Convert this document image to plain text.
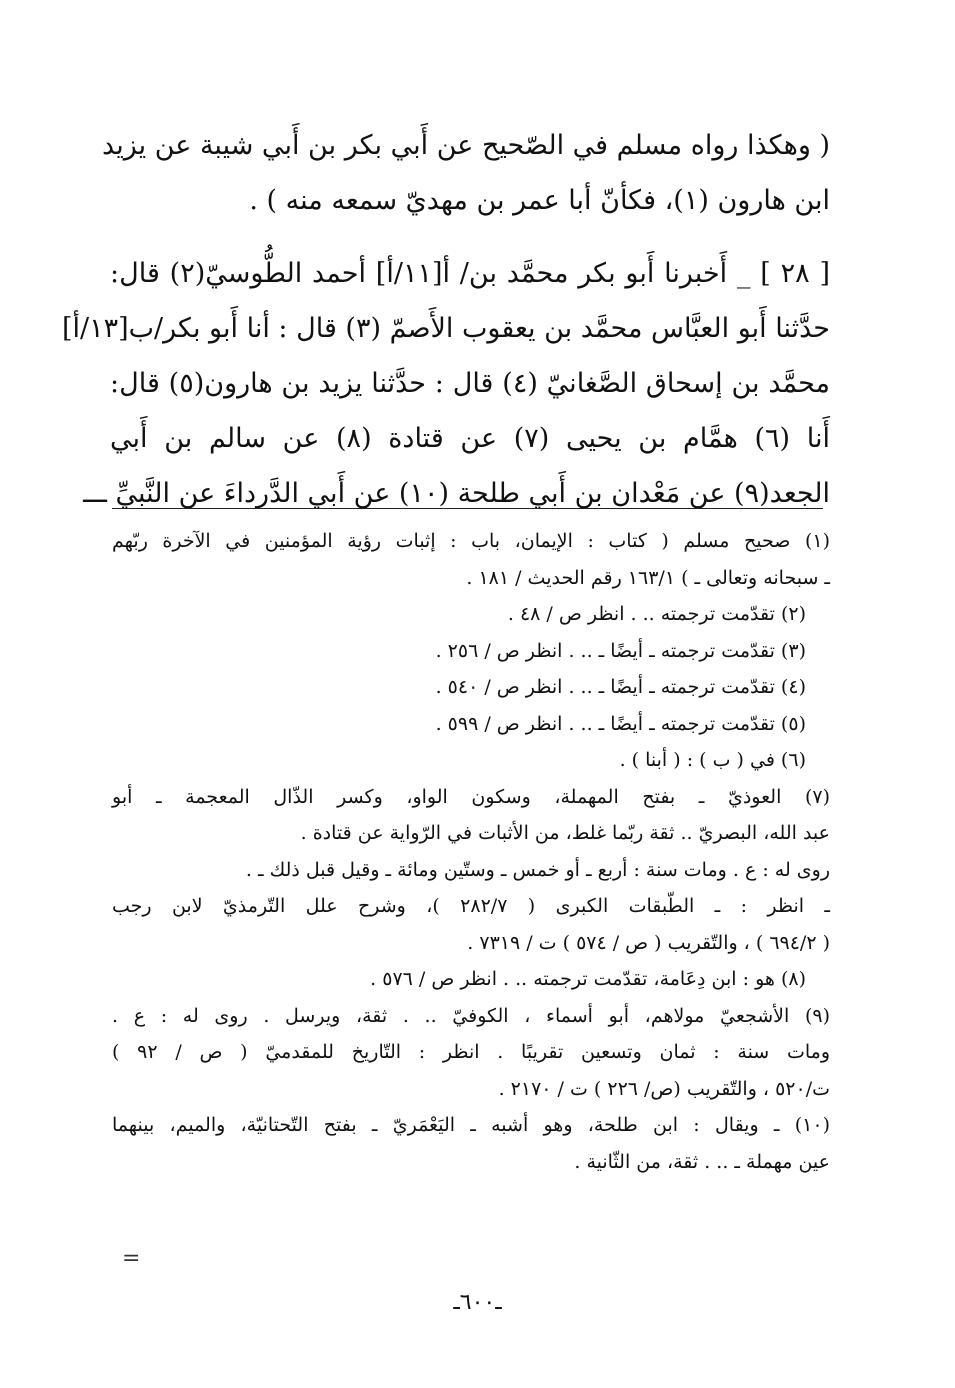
( وهكذا رواه مسلم في الصّحيح عن أَبي بكر بن أَبي شيبة عن يزيد
ابن هارون (١)، فكأنّ أبا عمر بن مهديّ سمعه منه ) .
[ ٢٨ ] _ أَخبرنا أَبو بكر محمَّد بن/ أ[١١/أ] أحمد الطُّوسيّ(٢) قال:
حدَّثنا أَبو العبَّاس محمَّد بن يعقوب الأَصمّ (٣) قال : أنا أَبو بكر/ب[١٣/أ]
محمَّد بن إسحاق الصَّغانيّ (٤) قال : حدَّثنا يزيد بن هارون(٥) قال:
أَنا (٦) همَّام بن يحيى (٧) عن قتادة (٨) عن سالم بن أَبي
الجعد(٩) عن مَعْدان بن أَبي طلحة (١٠) عن أَبي الدَّرداءَ عن النَّبيِّ ـــ
(١) صحيح مسلم ( كتاب : الإيمان، باب : إثبات رؤية المؤمنين في الآخرة ربّهم
ـ سبحانه وتعالى ـ ) ١٦٣/١ رقم الحديث / ١٨١ .
(٢) تقدّمت ترجمته .. . انظر ص / ٤٨ .
(٣) تقدّمت ترجمته ـ أيضًا ـ .. . انظر ص / ٢٥٦ .
(٤) تقدّمت ترجمته ـ أيضًا ـ .. . انظر ص / ٥٤٠ .
(٥) تقدّمت ترجمته ـ أيضًا ـ .. . انظر ص / ٥٩٩ .
(٦) في ( ب ) : ( أبنا ) .
(٧) العوذيّ ـ بفتح المهملة، وسكون الواو، وكسر الذّال المعجمة ـ أبو
عبد الله، البصريّ .. ثقة ربّما غلط، من الأثبات في الرّواية عن قتادة .
روى له : ع . ومات سنة : أربع ـ أو خمس ـ وستّين ومائة ـ وقيل قبل ذلك ـ .
ـ انظر : ـ الطّبقات الكبرى ( ٢٨٢/٧ )، وشرح علل التّرمذيّ لابن رجب
( ٦٩٤/٢ ) ، والتّقريب ( ص / ٥٧٤ ) ت / ٧٣١٩ .
(٨) هو : ابن دِعَامة، تقدّمت ترجمته .. . انظر ص / ٥٧٦ .
(٩) الأشجعيّ مولاهم، أبو أسماء ، الكوفيّ .. . ثقة، ويرسل . روى له : ع .
ومات سنة : ثمان وتسعين تقريبًا . انظر : التّاريخ للمقدميّ ( ص / ٩٢ )
ت/٥٢٠ ، والتّقريب (ص/ ٢٢٦ ) ت / ٢١٧٠ .
(١٠) ـ ويقال : ابن طلحة، وهو أشبه ـ اليَعْمَريّ ـ بفتح التّحتانيّة، والميم، بينهما
عين مهملة ـ .. . ثقة، من الثّانية .
=
ـ٦٠٠ـ
